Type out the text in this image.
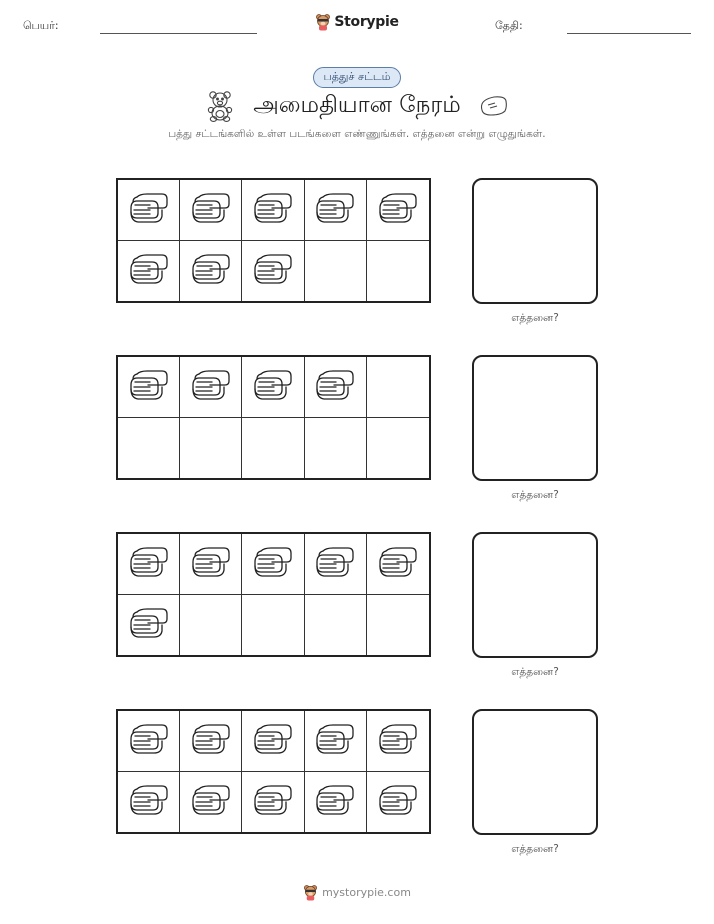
பெயர்:	Storypie	தேதி:
பத்துச் சட்டம்
அமைதியான நேரம்
பத்து சட்டங்களில் உள்ள படங்களை எண்ணுங்கள். எத்தனை என்று எழுதுங்கள்.
எத்தனை?
எத்தனை?
எத்தனை?
எத்தனை?
mystorypie.com
